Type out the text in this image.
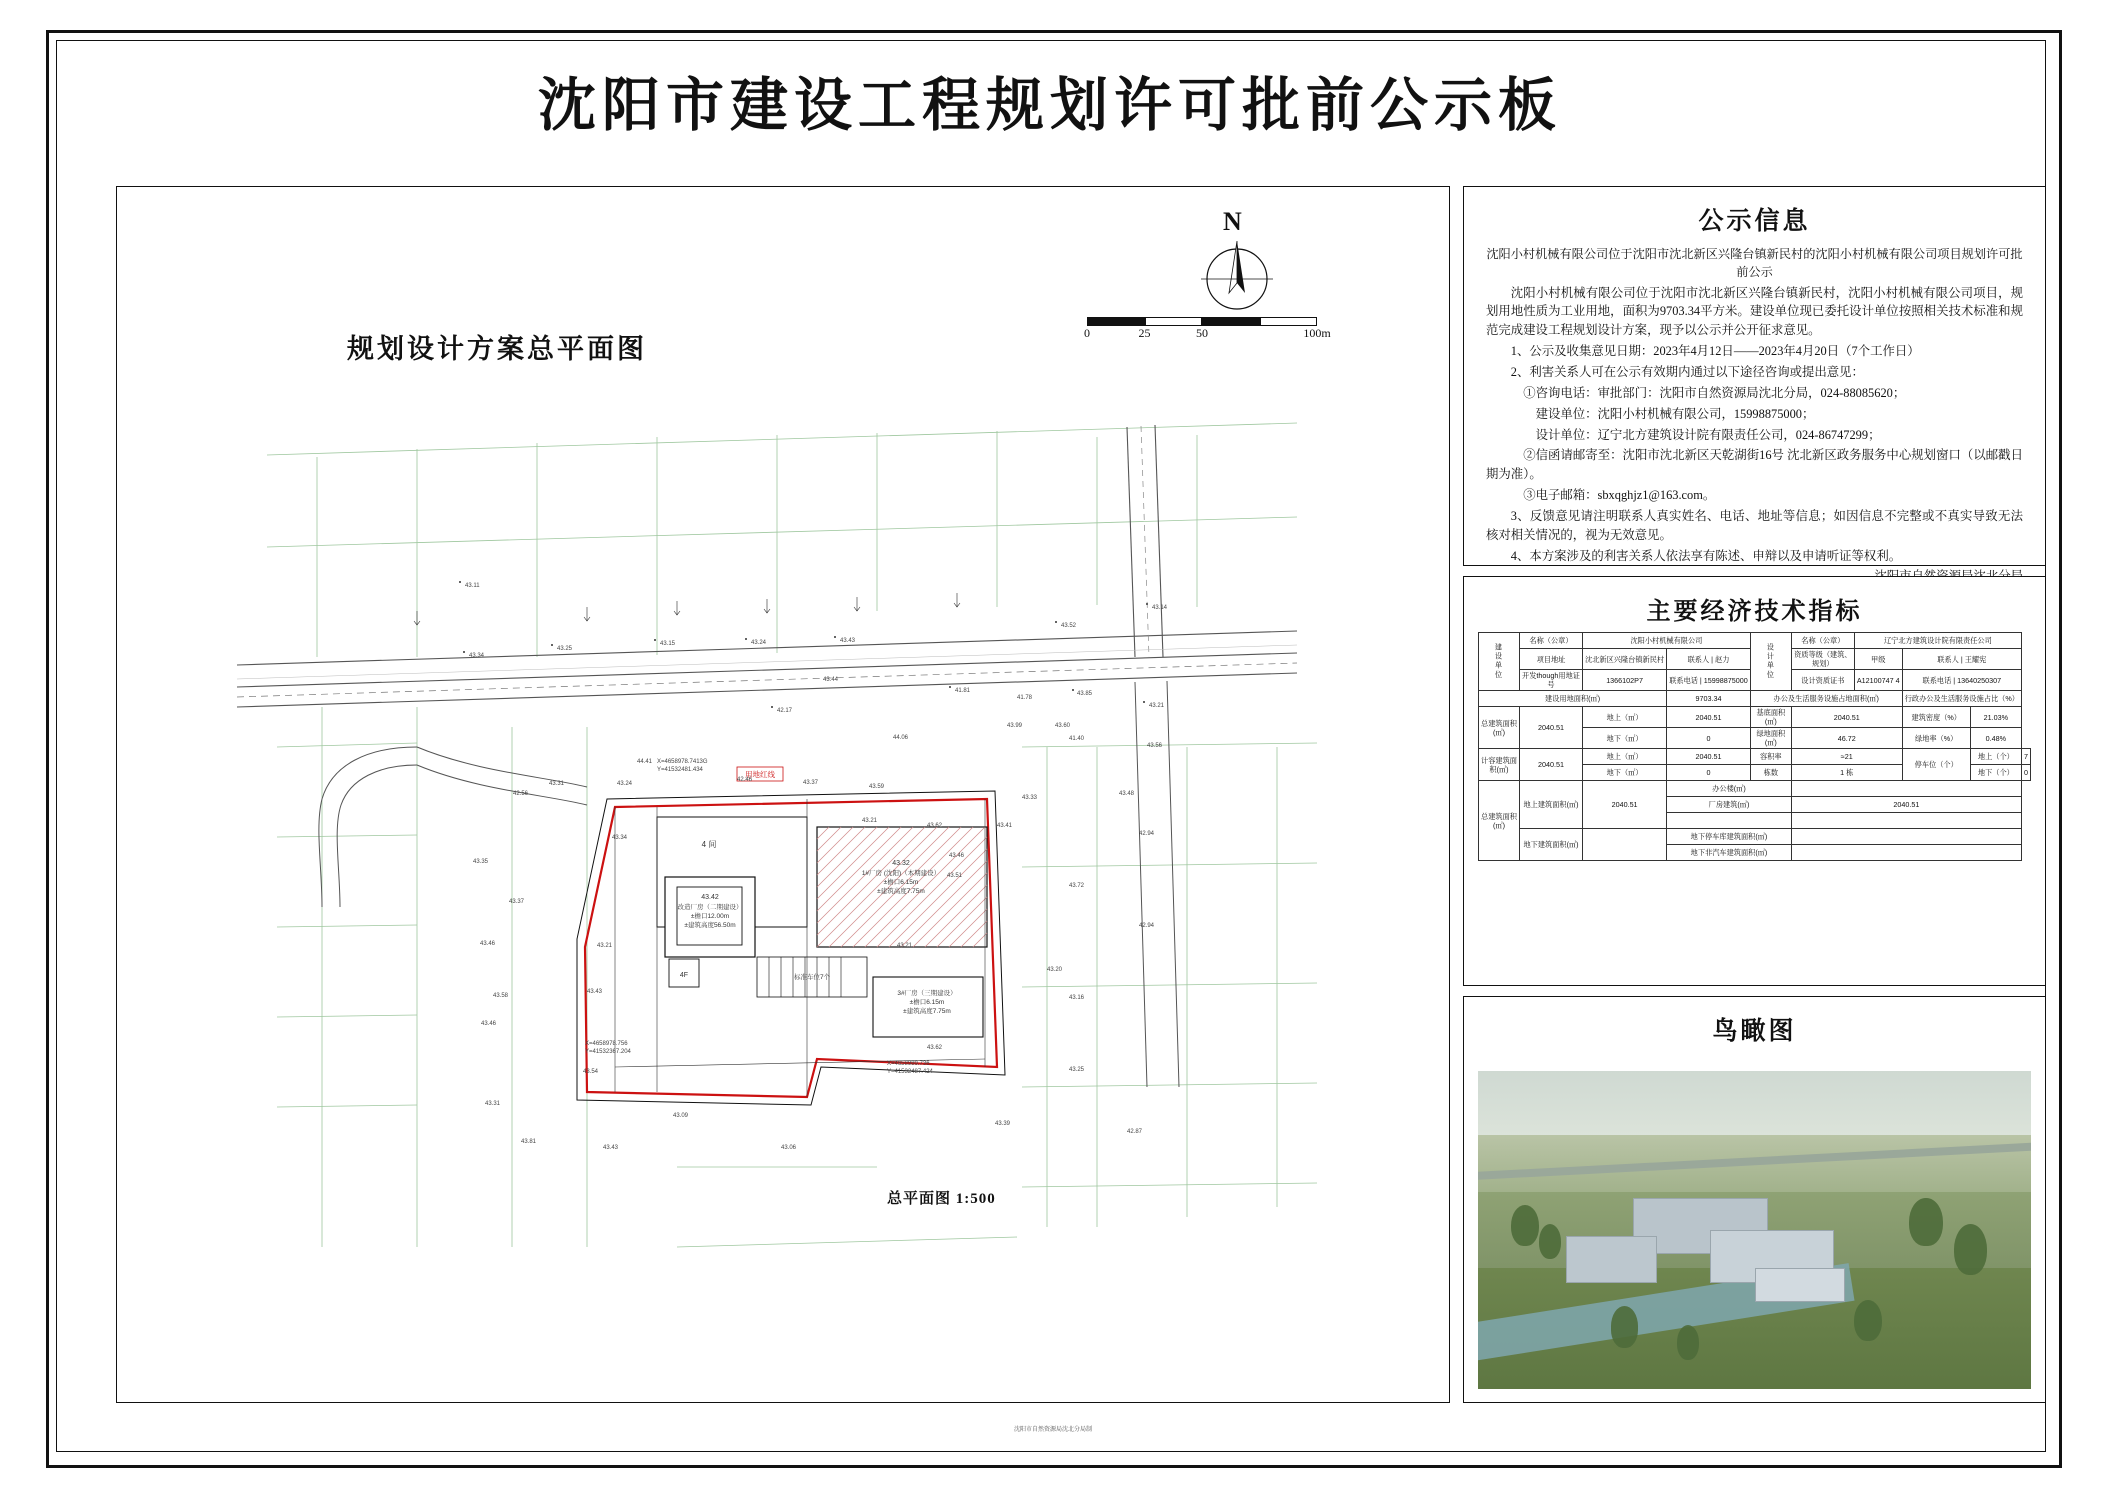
沈阳市建设工程规划许可批前公示板
规划设计方案总平面图
总平面图 1:500
N
0	25	50	100m
43.32
1#厂房 (沈阳)（本期建设）
±檐口6.15m
±建筑高度7.75m
43.42
改造厂房（二期建设）
±檐口12.00m
±建筑高度56.50m
3#厂房（三期建设）
±檐口6.15m
±建筑高度7.75m
标准车位7个
4 间
4F
用地红线
X=4658978.756
Y=41532367.204
X=4658989.736
Y=41532487.424
X=4658978.7413G
Y=41532481.434
43.11
43.14
43.25
43.15	43.24	43.43
43.52
43.34
43.44
42.17
41.81
41.78
43.85
43.99	43.60
41.40
43.21
43.56
44.06
44.41
43.31
42.56
43.24
42.46	43.37
43.59
43.21
43.62	43.41
43.33
43.48
42.94
43.35
43.34
43.46
43.51
43.72
43.37
42.94
43.46	43.21	43.21
43.20
43.58
43.43
43.46
43.16
43.54
43.62
43.25
43.09
43.31
43.39
43.81
43.43	43.06
42.87
公示信息

沈阳小村机械有限公司位于沈阳市沈北新区兴隆台镇新民村的沈阳小村机械有限公司项目规划许可批前公示

沈阳小村机械有限公司位于沈阳市沈北新区兴隆台镇新民村，沈阳小村机械有限公司项目，规划用地性质为工业用地，面积为9703.34平方米。建设单位现已委托设计单位按照相关技术标准和规范完成建设工程规划设计方案，现予以公示并公开征求意见。

1、公示及收集意见日期：2023年4月12日——2023年4月20日（7个工作日）

2、利害关系人可在公示有效期内通过以下途径咨询或提出意见：

①咨询电话：审批部门：沈阳市自然资源局沈北分局，024-88085620；

建设单位：沈阳小村机械有限公司，15998875000；

设计单位：辽宁北方建筑设计院有限责任公司，024-86747299；

②信函请邮寄至：沈阳市沈北新区天乾湖街16号 沈北新区政务服务中心规划窗口（以邮戳日期为准）。

③电子邮箱：sbxqghjz1@163.com。

3、反馈意见请注明联系人真实姓名、电话、地址等信息；如因信息不完整或不真实导致无法核对相关情况的，视为无效意见。

4、本方案涉及的利害关系人依法享有陈述、申辩以及申请听证等权利。

主要经济技术指标
建设单位	名称（公章）	沈阳小村机械有限公司		设计单位	名称（公章）	辽宁北方建筑设计院有限责任公司			
	项目地址	沈北新区兴隆台镇新民村	联系人 | 赵力		资质等级（建筑、规划）	甲级	联系人 | 王耀宪		
	开发though用地证号	1366102P7	联系电话 | 15998875000		设计资质证书	A12100747 4	联系电话 | 13640250307		
建设用地面积(㎡)			9703.34	办公及生活服务设施占地面积(㎡)			行政办公及生活服务设施占比（%）		
总建筑面积(㎡)	2040.51	地上（㎡）	2040.51	基底面积(㎡)	2040.51		建筑密度（%）	21.03%	
		地下（㎡）	0	绿地面积(㎡)	46.72		绿地率（%）	0.48%	
计容建筑面积(㎡)	2040.51	地上（㎡）	2040.51	容积率	≈21		停车位（个）	地上（个）	7
		地下（㎡）	0	栋数	1 栋			地下（个）	0
总建筑面积(㎡)	地上建筑面积(㎡)	2040.51	办公楼(㎡)						
			厂房建筑(㎡)		2040.51				

	地下建筑面积(㎡)		地下停车库建筑面积(㎡)						
			地下非汽车建筑面积(㎡)						
鸟瞰图
沈阳市自然资源局沈北分局制
